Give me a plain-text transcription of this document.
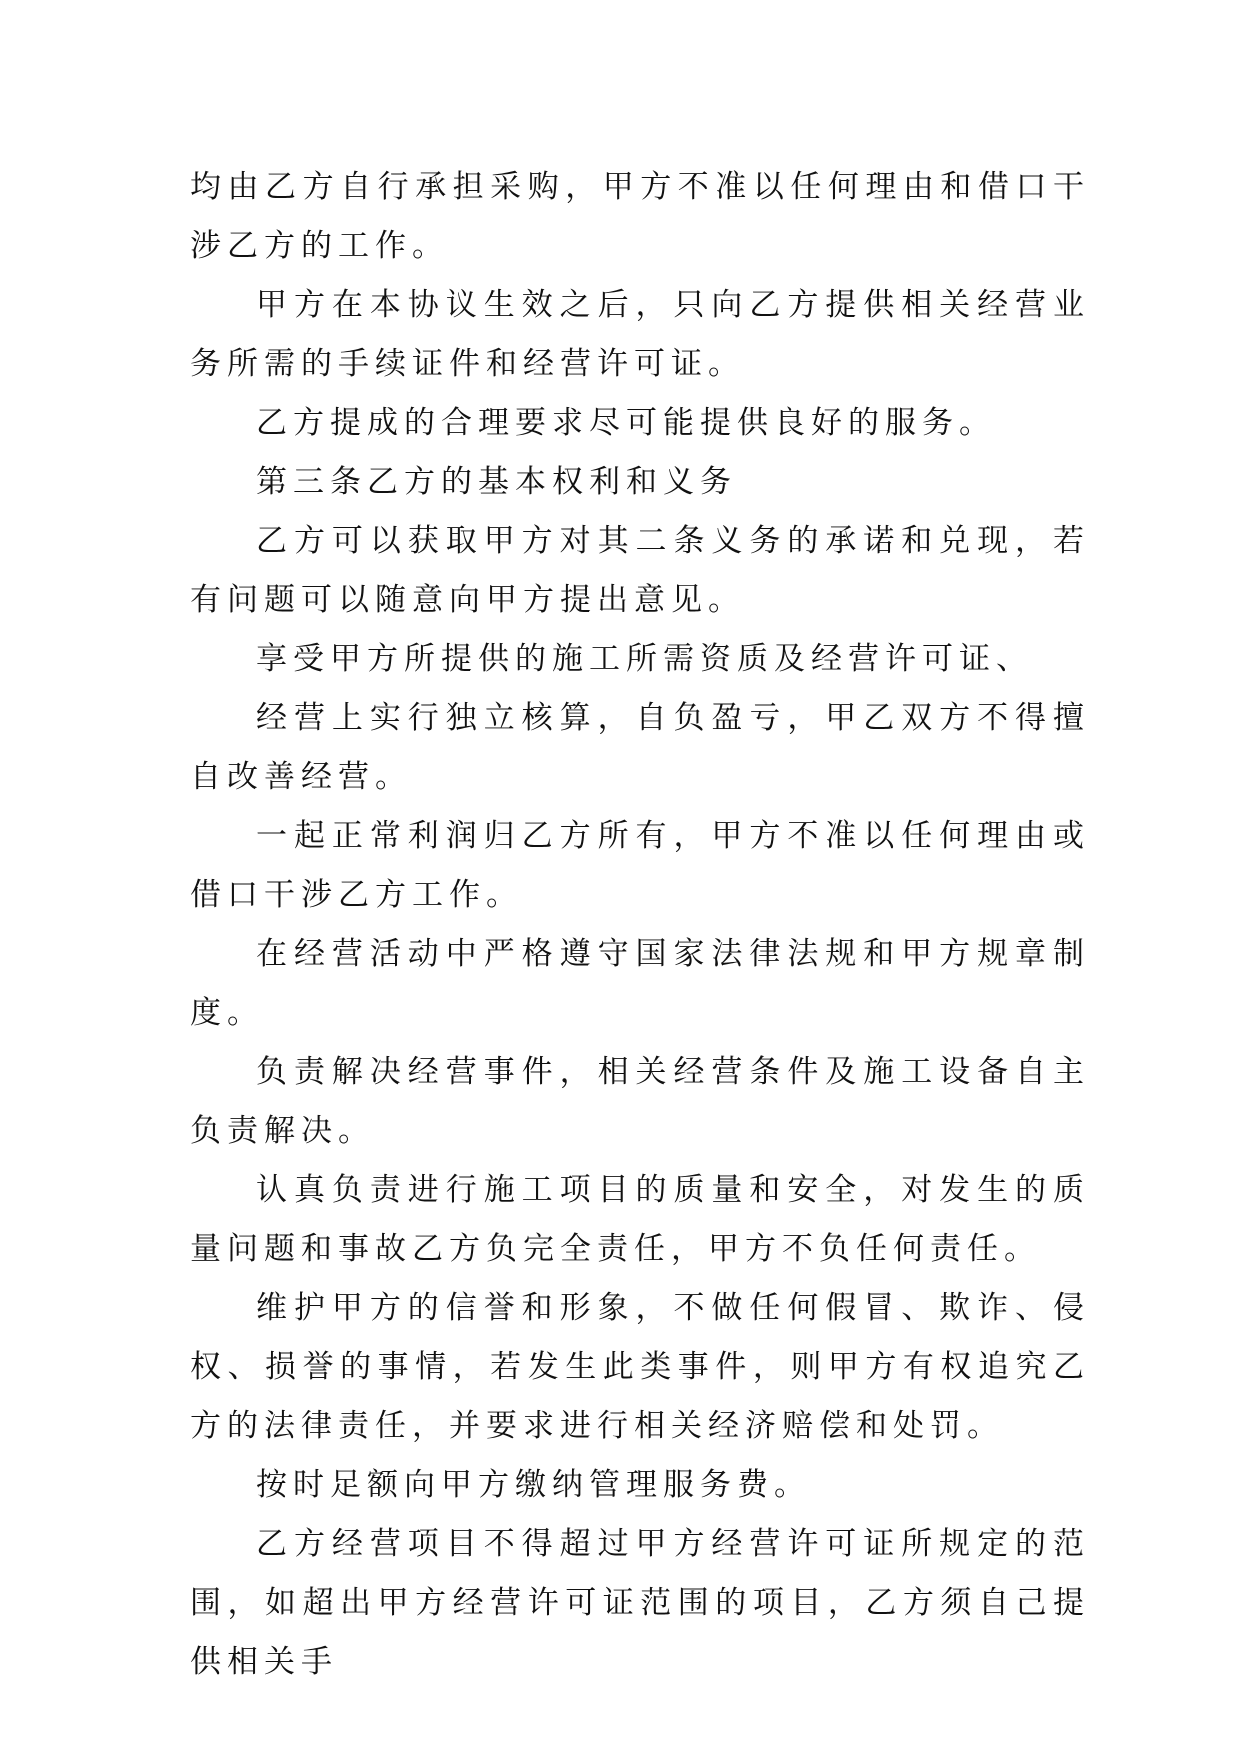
均由乙方自行承担采购，甲方不准以任何理由和借口干涉乙方的工作。

甲方在本协议生效之后，只向乙方提供相关经营业务所需的手续证件和经营许可证。

乙方提成的合理要求尽可能提供良好的服务。

第三条乙方的基本权利和义务

乙方可以获取甲方对其二条义务的承诺和兑现，若有问题可以随意向甲方提出意见。

享受甲方所提供的施工所需资质及经营许可证、

经营上实行独立核算，自负盈亏，甲乙双方不得擅自改善经营。

一起正常利润归乙方所有，甲方不准以任何理由或借口干涉乙方工作。

在经营活动中严格遵守国家法律法规和甲方规章制度。

负责解决经营事件，相关经营条件及施工设备自主负责解决。

认真负责进行施工项目的质量和安全，对发生的质量问题和事故乙方负完全责任，甲方不负任何责任。

维护甲方的信誉和形象，不做任何假冒、欺诈、侵权、损誉的事情，若发生此类事件，则甲方有权追究乙方的法律责任，并要求进行相关经济赔偿和处罚。

按时足额向甲方缴纳管理服务费。

乙方经营项目不得超过甲方经营许可证所规定的范围，如超出甲方经营许可证范围的项目，乙方须自己提供相关手
